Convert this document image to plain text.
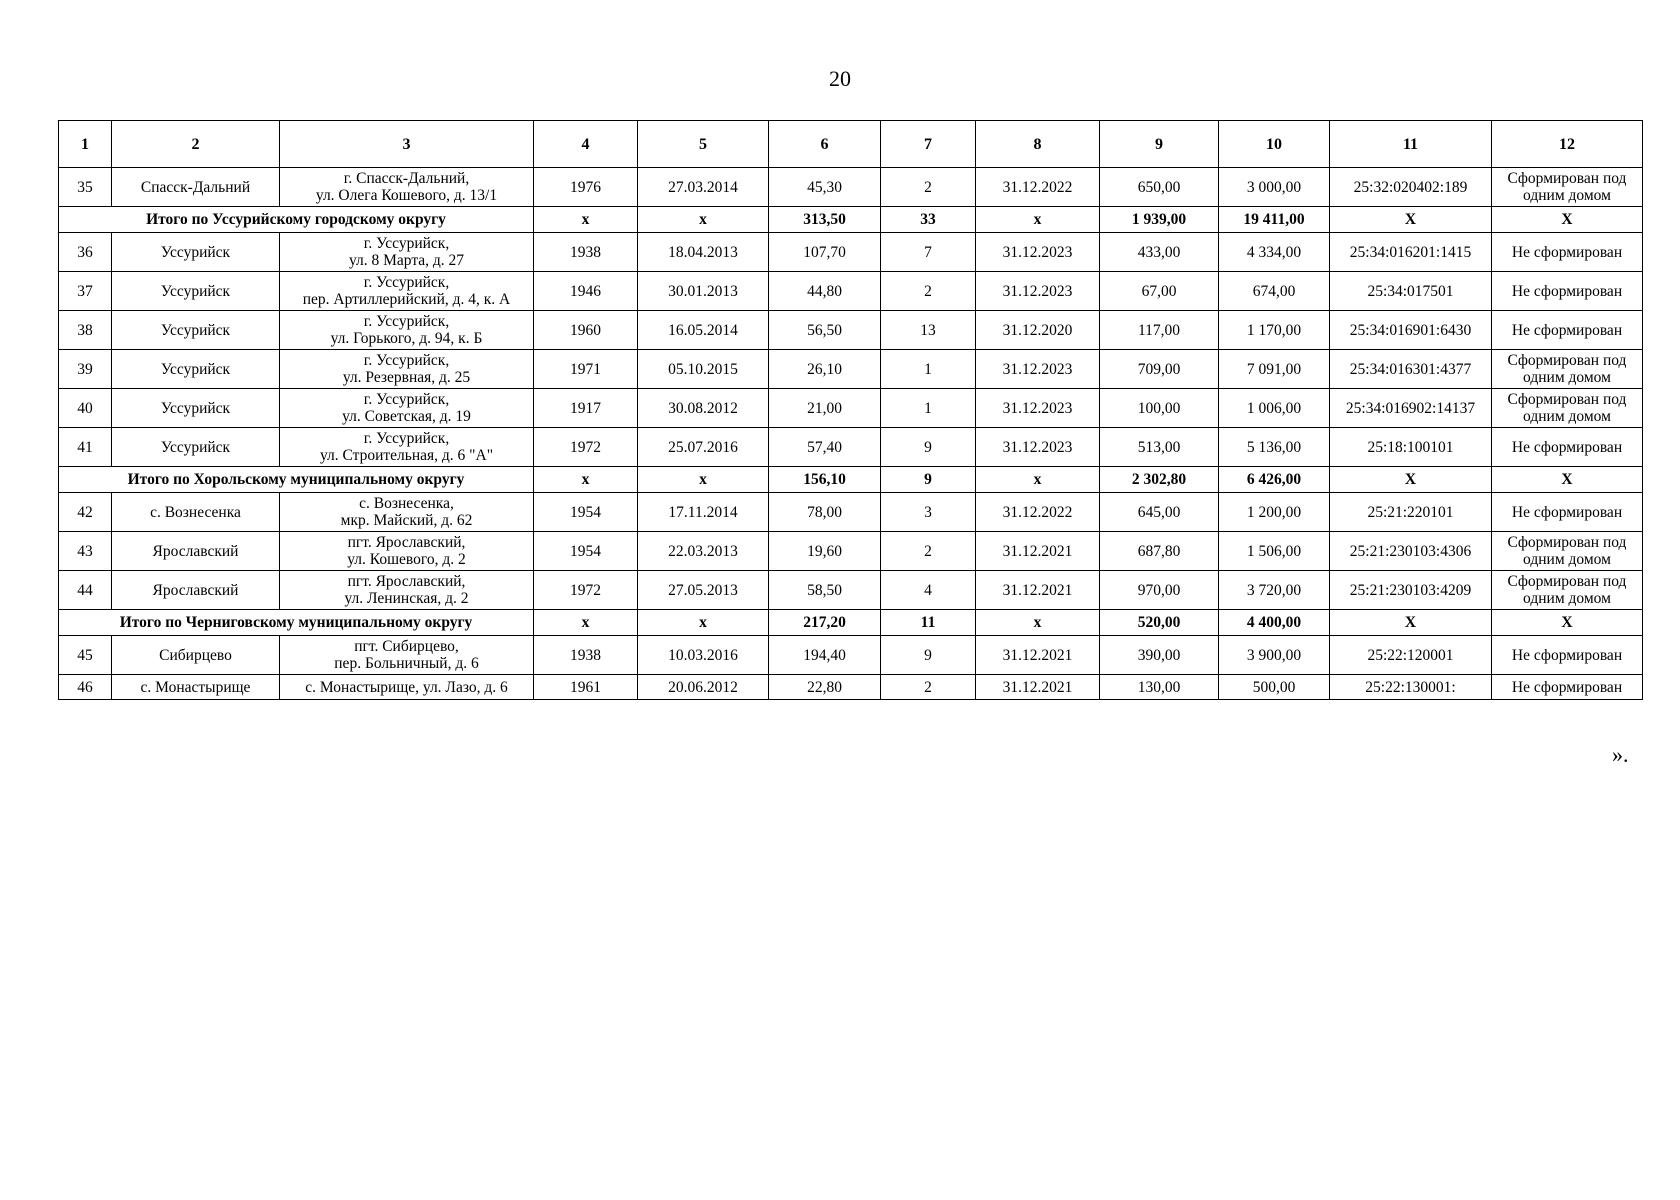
20
1	2	3	4	5	6	7	8	9	10	11	12
35	Спасск-Дальний	г. Спасск-Дальний,
ул. Олега Кошевого, д. 13/1	1976	27.03.2014	45,30	2	31.12.2022	650,00	3 000,00	25:32:020402:189	Сформирован под
одним домом
Итого по Уссурийскому городскому округу			х	х	313,50	33	х	1 939,00	19 411,00	Х	Х
36	Уссурийск	г. Уссурийск,
ул. 8 Марта, д. 27	1938	18.04.2013	107,70	7	31.12.2023	433,00	4 334,00	25:34:016201:1415	Не сформирован
37	Уссурийск	г. Уссурийск,
пер. Артиллерийский, д. 4, к. А	1946	30.01.2013	44,80	2	31.12.2023	67,00	674,00	25:34:017501	Не сформирован
38	Уссурийск	г. Уссурийск,
ул. Горького, д. 94, к. Б	1960	16.05.2014	56,50	13	31.12.2020	117,00	1 170,00	25:34:016901:6430	Не сформирован
39	Уссурийск	г. Уссурийск,
ул. Резервная, д. 25	1971	05.10.2015	26,10	1	31.12.2023	709,00	7 091,00	25:34:016301:4377	Сформирован под
одним домом
40	Уссурийск	г. Уссурийск,
ул. Советская, д. 19	1917	30.08.2012	21,00	1	31.12.2023	100,00	1 006,00	25:34:016902:14137	Сформирован под
одним домом
41	Уссурийск	г. Уссурийск,
ул. Строительная, д. 6 "А"	1972	25.07.2016	57,40	9	31.12.2023	513,00	5 136,00	25:18:100101	Не сформирован
Итого по Хорольскому муниципальному округу			х	х	156,10	9	х	2 302,80	6 426,00	Х	Х
42	с. Вознесенка	с. Вознесенка,
мкр. Майский, д. 62	1954	17.11.2014	78,00	3	31.12.2022	645,00	1 200,00	25:21:220101	Не сформирован
43	Ярославский	пгт. Ярославский,
ул. Кошевого, д. 2	1954	22.03.2013	19,60	2	31.12.2021	687,80	1 506,00	25:21:230103:4306	Сформирован под
одним домом
44	Ярославский	пгт. Ярославский,
ул. Ленинская, д. 2	1972	27.05.2013	58,50	4	31.12.2021	970,00	3 720,00	25:21:230103:4209	Сформирован под
одним домом
Итого по Черниговскому муниципальному округу			х	х	217,20	11	х	520,00	4 400,00	Х	Х
45	Сибирцево	пгт. Сибирцево,
пер. Больничный, д. 6	1938	10.03.2016	194,40	9	31.12.2021	390,00	3 900,00	25:22:120001	Не сформирован
46	с. Монастырище	с. Монастырище, ул. Лазо, д. 6	1961	20.06.2012	22,80	2	31.12.2021	130,00	500,00	25:22:130001:	Не сформирован
».
